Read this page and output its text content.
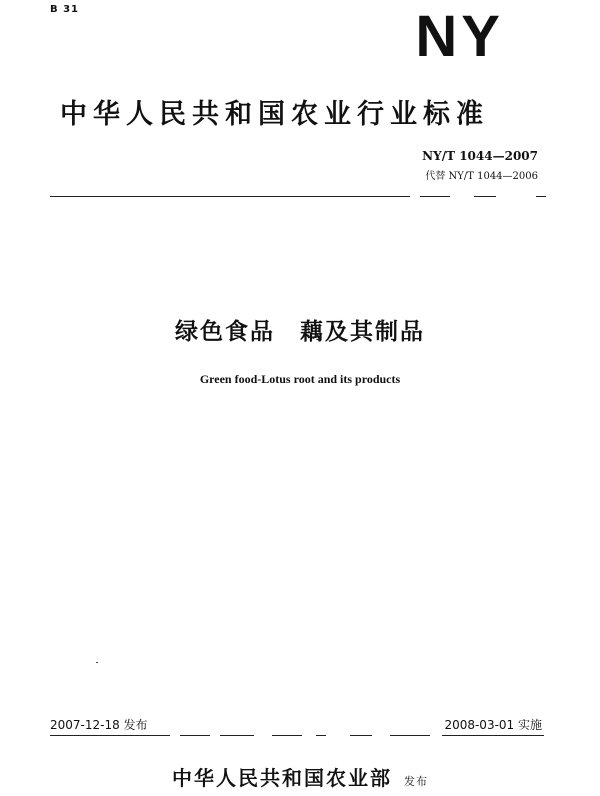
B 31	NY
中华人民共和国农业行业标准
NY/T 1044—2007
代替 NY/T 1044—2006
绿色食品　藕及其制品
Green food-Lotus root and its products
2007-12-18 发布	2008-03-01 实施
中华人民共和国农业部 发布
